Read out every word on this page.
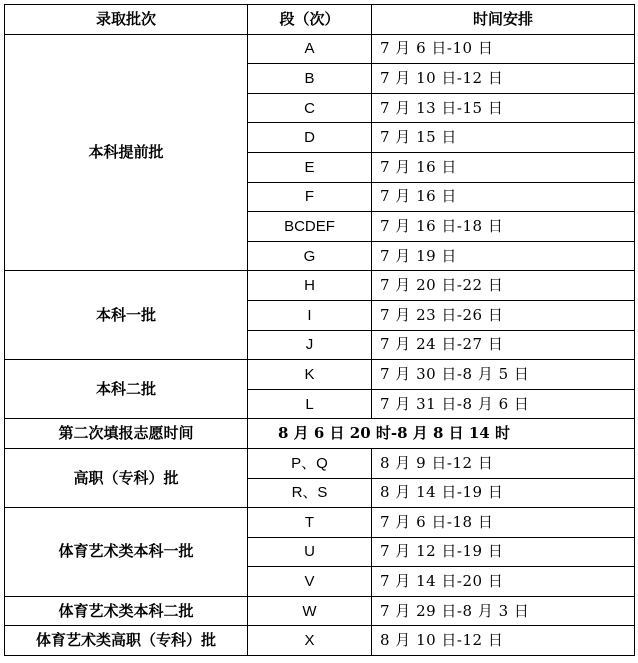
录取批次	段（次）	时间安排
本科提前批	A	7 月 6 日-10 日
	B	7 月 10 日-12 日
	C	7 月 13 日-15 日
	D	7 月 15 日
	E	7 月 16 日
	F	7 月 16 日
	BCDEF	7 月 16 日-18 日
	G	7 月 19 日
本科一批	H	7 月 20 日-22 日
	I	7 月 23 日-26 日
	J	7 月 24 日-27 日
本科二批	K	7 月 30 日-8 月 5 日
	L	7 月 31 日-8 月 6 日
第二次填报志愿时间	8 月 6 日 20 时-8 月 8 日 14 时	
高职（专科）批	P、Q	8 月 9 日-12 日
	R、S	8 月 14 日-19 日
体育艺术类本科一批	T	7 月 6 日-18 日
	U	7 月 12 日-19 日
	V	7 月 14 日-20 日
体育艺术类本科二批	W	7 月 29 日-8 月 3 日
体育艺术类高职（专科）批	X	8 月 10 日-12 日
